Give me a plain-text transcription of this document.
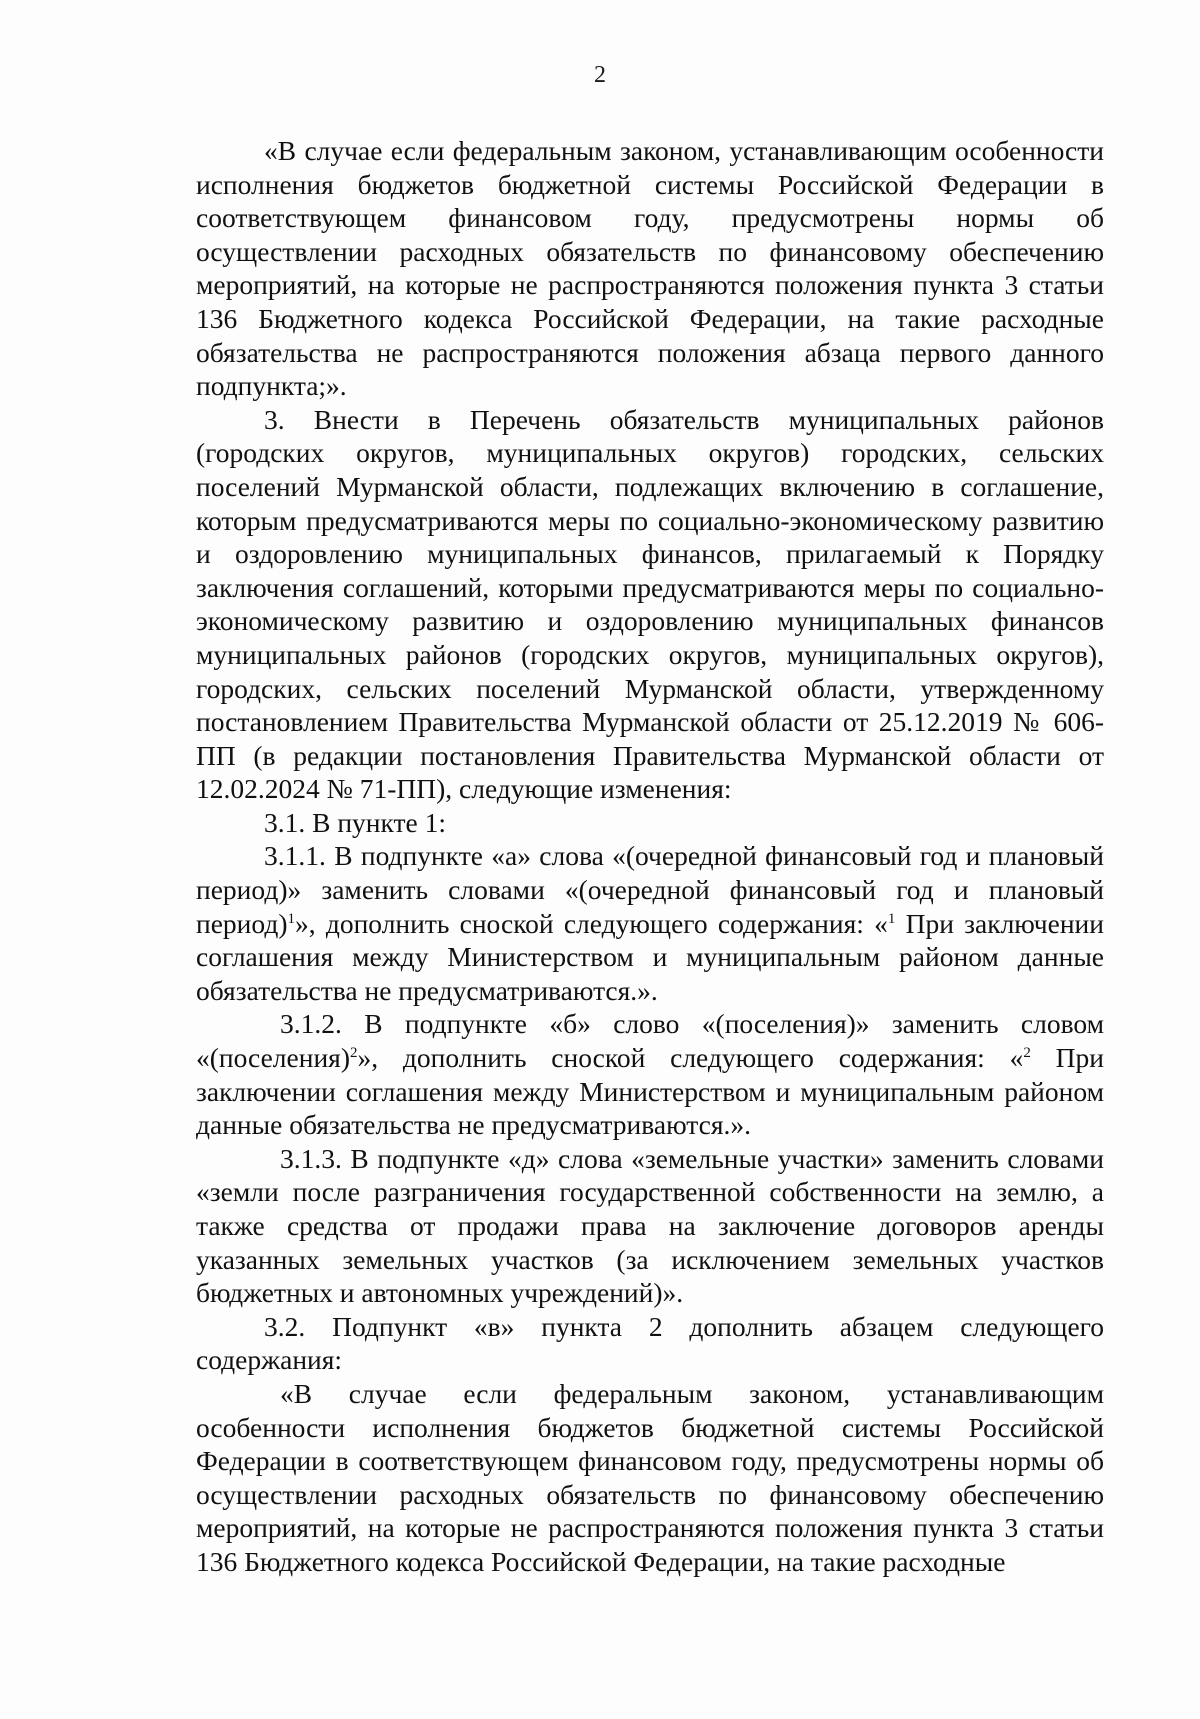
2

«В случае если федеральным законом, устанавливающим особенности исполнения бюджетов бюджетной системы Российской Федерации в соответствующем финансовом году, предусмотрены нормы об осуществлении расходных обязательств по финансовому обеспечению мероприятий, на которые не распространяются положения пункта 3 статьи 136 Бюджетного кодекса Российской Федерации, на такие расходные обязательства не распространяются положения абзаца первого данного подпункта;».

3. Внести в Перечень обязательств муниципальных районов (городских округов, муниципальных округов) городских, сельских поселений Мурманской области, подлежащих включению в соглашение, которым предусматриваются меры по социально-экономическому развитию и оздоровлению муниципальных финансов, прилагаемый к Порядку заключения соглашений, которыми предусматриваются меры по социально-экономическому развитию и оздоровлению муниципальных финансов муниципальных районов (городских округов, муниципальных округов), городских, сельских поселений Мурманской области, утвержденному постановлением Правительства Мурманской области от 25.12.2019 № 606-ПП (в редакции постановления Правительства Мурманской области от 12.02.2024 № 71-ПП), следующие изменения:

3.1. В пункте 1:

3.1.1. В подпункте «а» слова «(очередной финансовый год и плановый период)» заменить словами «(очередной финансовый год и плановый период)$^1$», дополнить сноской следующего содержания: «$^1$ При заключении соглашения между Министерством и муниципальным районом данные обязательства не предусматриваются.».

3.1.2. В подпункте «б» слово «(поселения)» заменить словом «(поселения)$^2$», дополнить сноской следующего содержания: «$^2$ При заключении соглашения между Министерством и муниципальным районом данные обязательства не предусматриваются.».

3.1.3. В подпункте «д» слова «земельные участки» заменить словами «земли после разграничения государственной собственности на землю, а также средства от продажи права на заключение договоров аренды указанных земельных участков (за исключением земельных участков бюджетных и автономных учреждений)».

3.2. Подпункт «в» пункта 2 дополнить абзацем следующего содержания:

«В случае если федеральным законом, устанавливающим особенности исполнения бюджетов бюджетной системы Российской Федерации в соответствующем финансовом году, предусмотрены нормы об осуществлении расходных обязательств по финансовому обеспечению мероприятий, на которые не распространяются положения пункта 3 статьи 136 Бюджетного кодекса Российской Федерации, на такие расходные
